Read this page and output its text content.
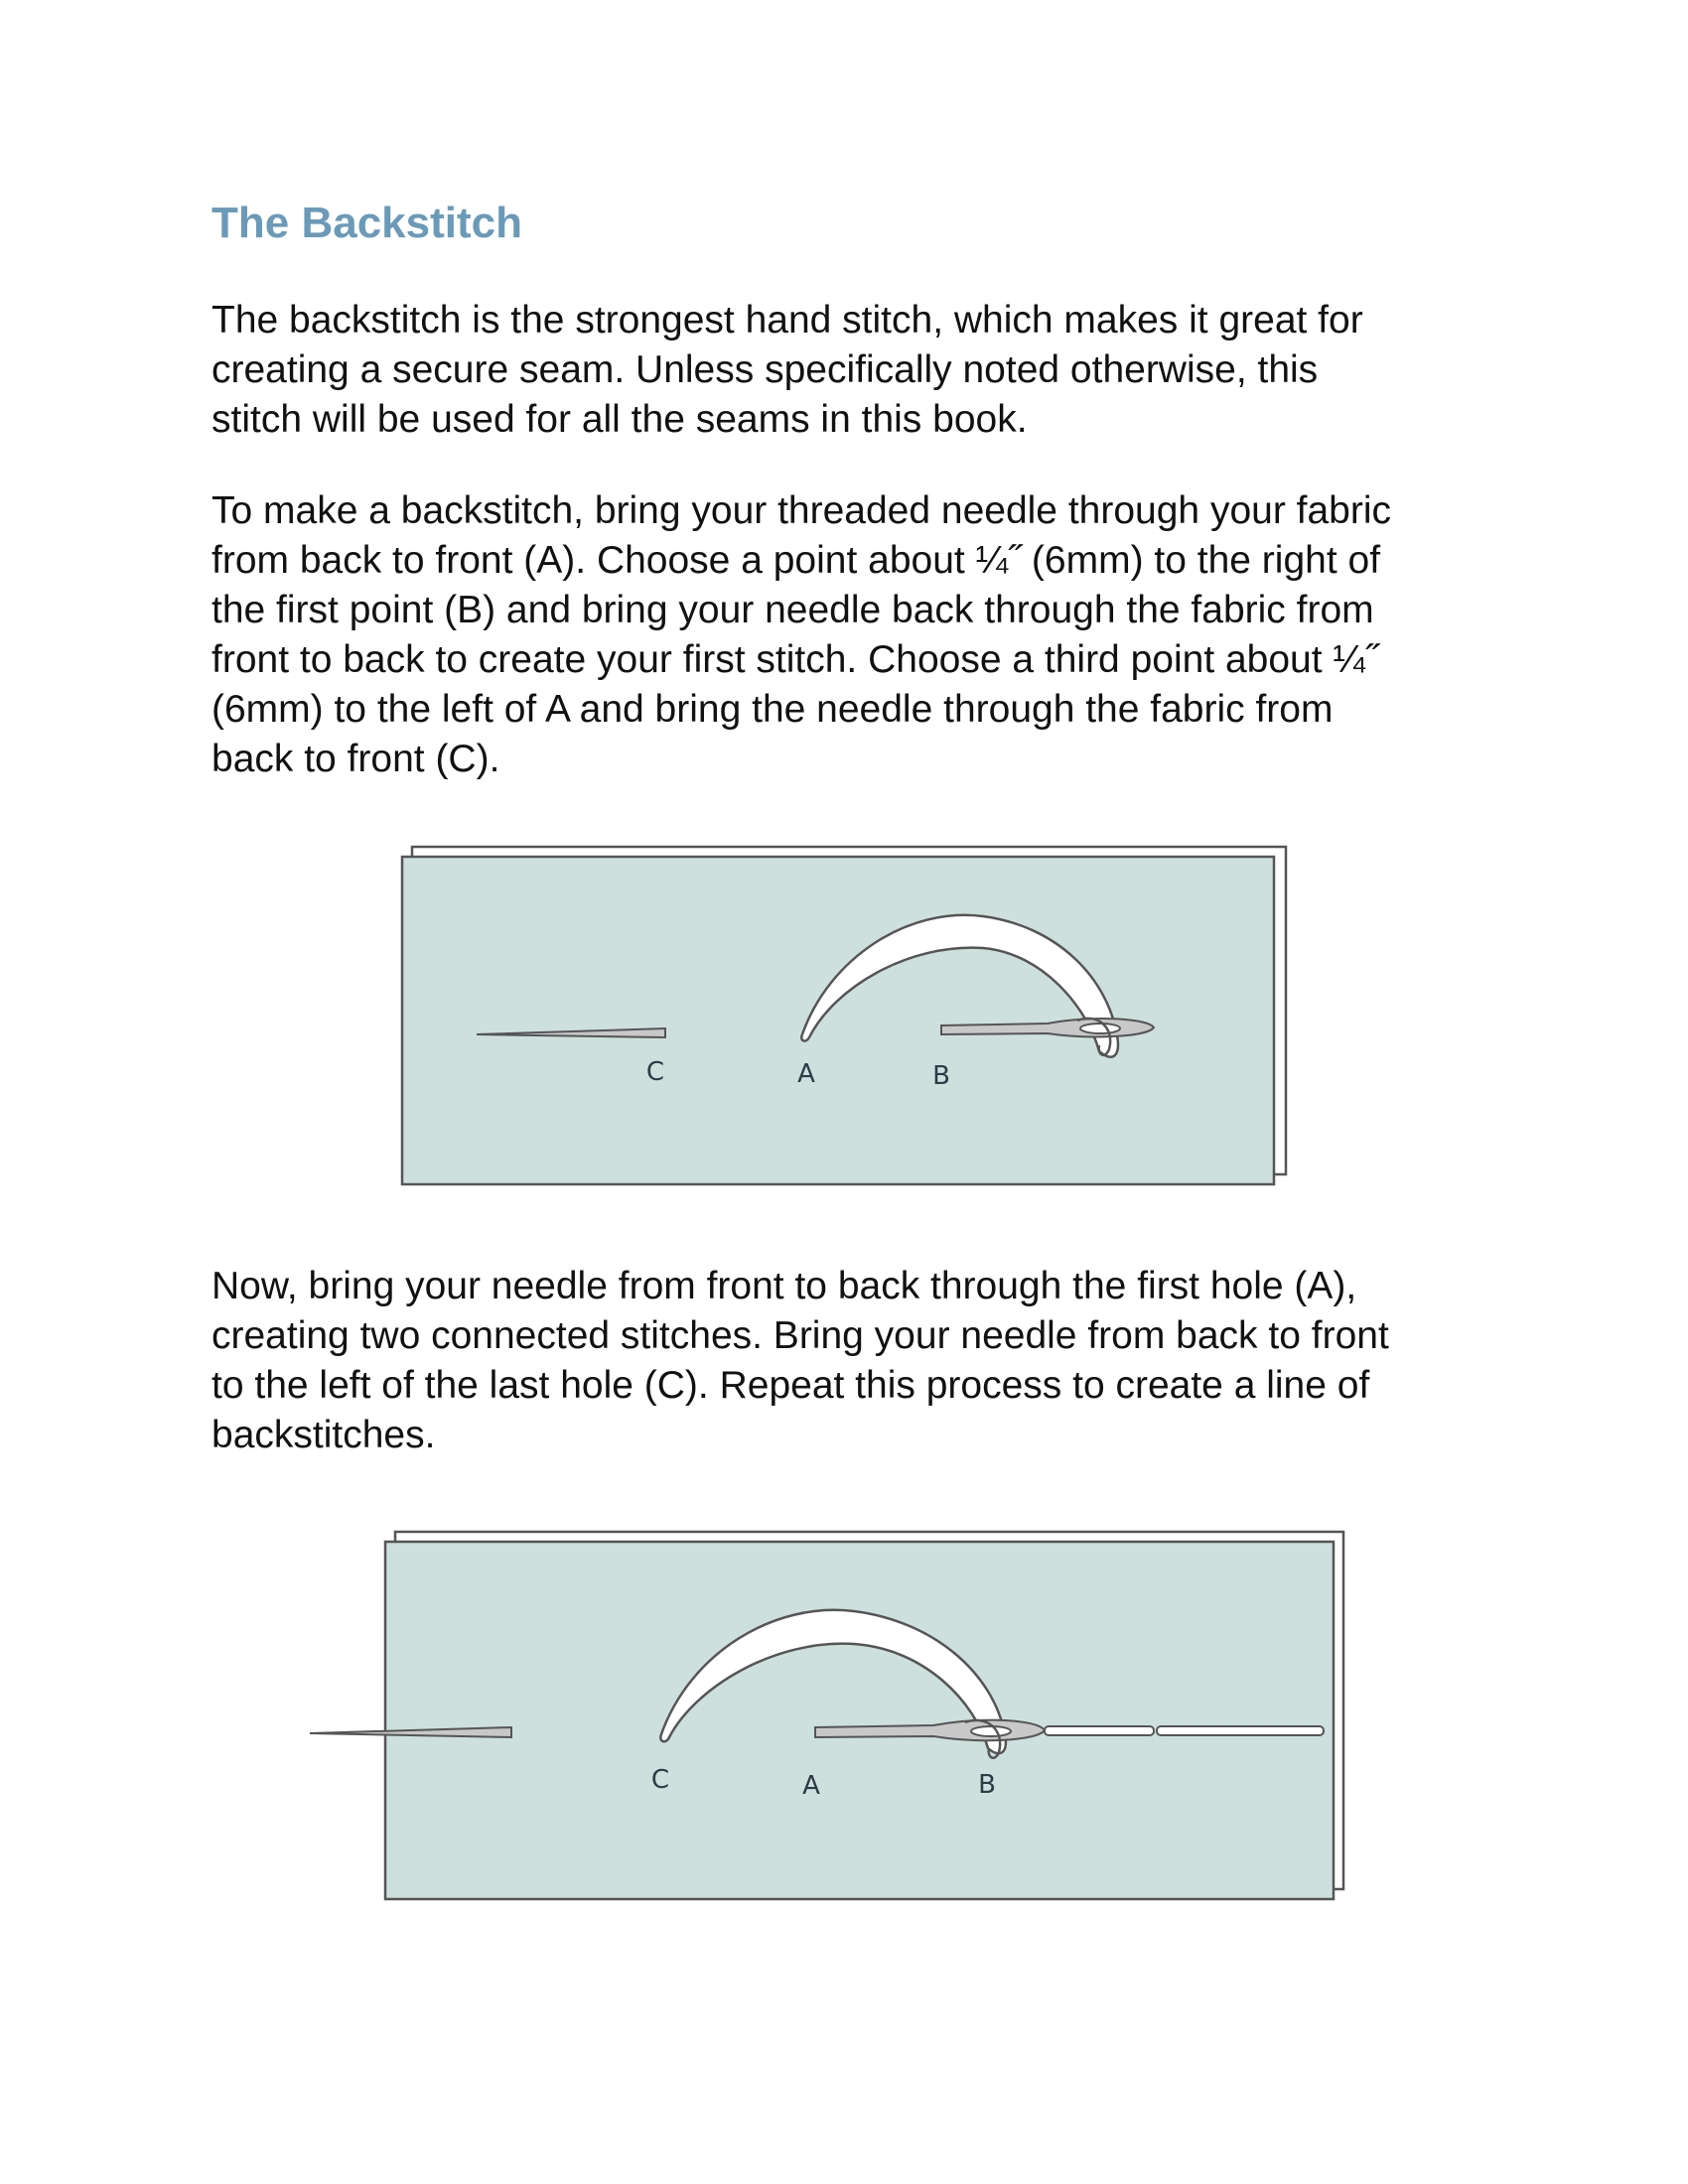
The Backstitch

The backstitch is the strongest hand stitch, which makes it great for
creating a secure seam. Unless specifically noted otherwise, this
stitch will be used for all the seams in this book.

To make a backstitch, bring your threaded needle through your fabric
from back to front (A). Choose a point about ¼˝ (6mm) to the right of
the first point (B) and bring your needle back through the fabric from
front to back to create your first stitch. Choose a third point about ¼˝
(6mm) to the left of A and bring the needle through the fabric from
back to front (C).

C	A	B

Now, bring your needle from front to back through the first hole (A),
creating two connected stitches. Bring your needle from back to front
to the left of the last hole (C). Repeat this process to create a line of
backstitches.

C	A	B
